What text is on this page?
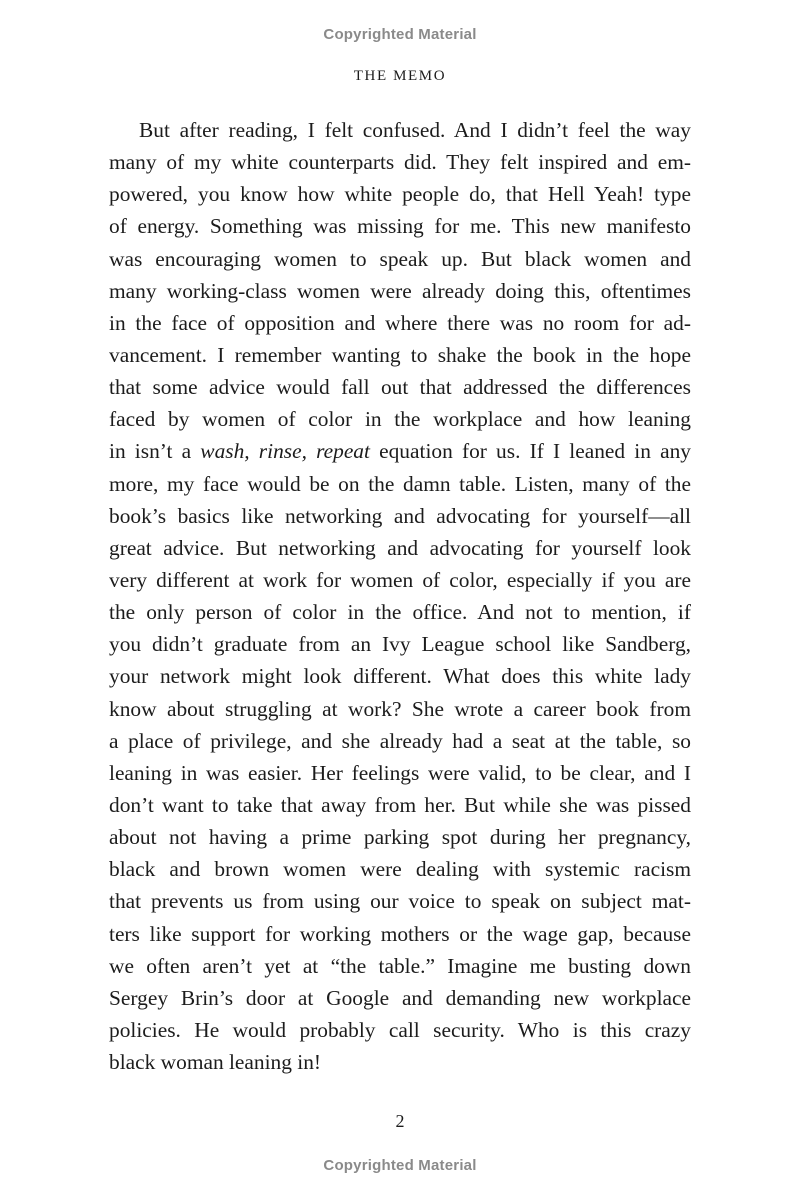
Copyrighted Material
THE MEMO
But after reading, I felt confused. And I didn’t feel the way
many of my white counterparts did. They felt inspired and em-
powered, you know how white people do, that Hell Yeah! type
of energy. Something was missing for me. This new manifesto
was encouraging women to speak up. But black women and
many working-class women were already doing this, oftentimes
in the face of opposition and where there was no room for ad-
vancement. I remember wanting to shake the book in the hope
that some advice would fall out that addressed the differences
faced by women of color in the workplace and how leaning
in isn’t a wash, rinse, repeat equation for us. If I leaned in any
more, my face would be on the damn table. Listen, many of the
book’s basics like networking and advocating for yourself—all
great advice. But networking and advocating for yourself look
very different at work for women of color, especially if you are
the only person of color in the office. And not to mention, if
you didn’t graduate from an Ivy League school like Sandberg,
your network might look different. What does this white lady
know about struggling at work? She wrote a career book from
a place of privilege, and she already had a seat at the table, so
leaning in was easier. Her feelings were valid, to be clear, and I
don’t want to take that away from her. But while she was pissed
about not having a prime parking spot during her pregnancy,
black and brown women were dealing with systemic racism
that prevents us from using our voice to speak on subject mat-
ters like support for working mothers or the wage gap, because
we often aren’t yet at “the table.” Imagine me busting down
Sergey Brin’s door at Google and demanding new workplace
policies. He would probably call security. Who is this crazy
black woman leaning in!
2
Copyrighted Material
